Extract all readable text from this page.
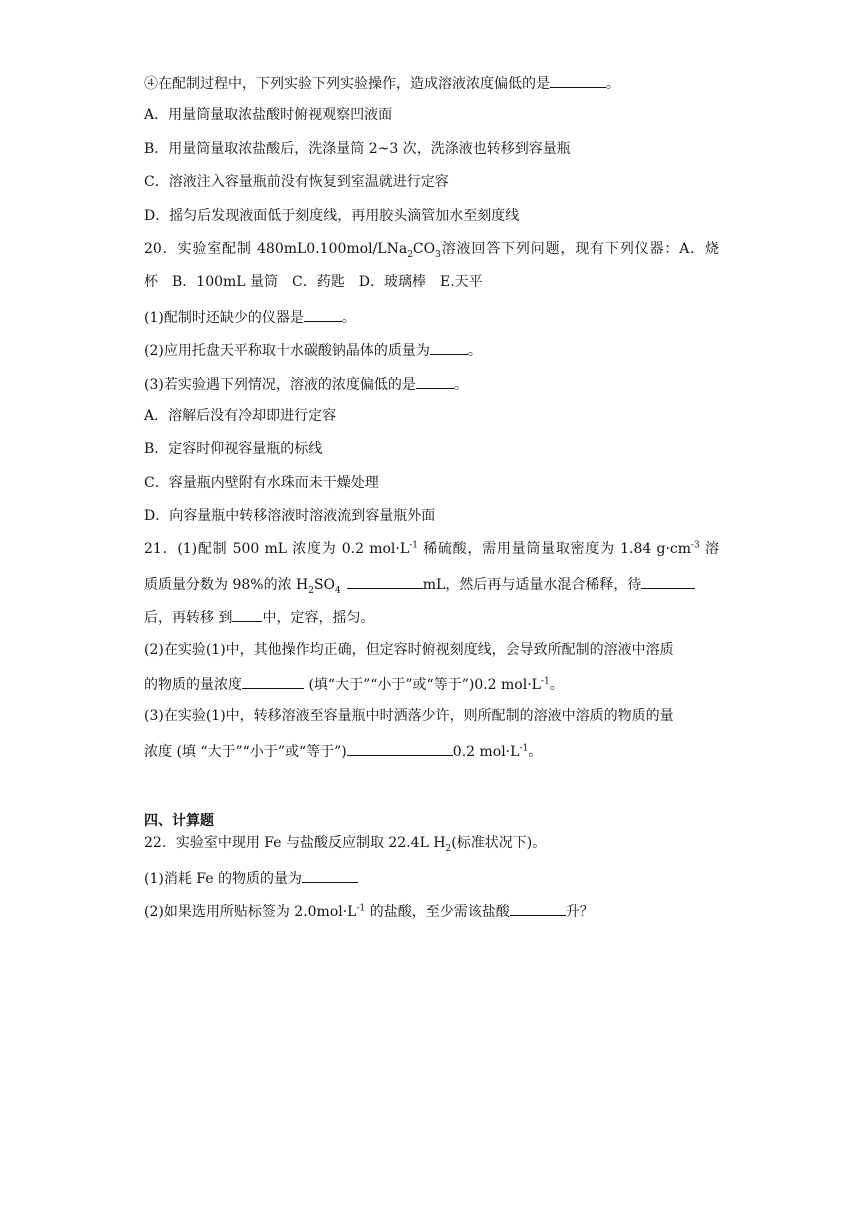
④在配制过程中，下列实验下列实验操作，造成溶液浓度偏低的是	。
A．用量筒量取浓盐酸时俯视观察凹液面
B．用量筒量取浓盐酸后，洗涤量筒 2~3 次，洗涤液也转移到容量瓶
C．溶液注入容量瓶前没有恢复到室温就进行定容
D．摇匀后发现液面低于刻度线，再用胶头滴管加水至刻度线
20．实验室配制 $480mL0.100mol/LNa_2CO_3$溶液回答下列问题，现有下列仪器：A．烧
杯　B．100mL 量筒　C．药匙　D．玻璃棒　E.天平
(1)配制时还缺少的仪器是	。
(2)应用托盘天平称取十水碳酸钠晶体的质量为	。
(3)若实验遇下列情况，溶液的浓度偏低的是	。
A．溶解后没有冷却即进行定容
B．定容时仰视容量瓶的标线
C．容量瓶内壁附有水珠而未干燥处理
D．向容量瓶中转移溶液时溶液流到容量瓶外面
21．(1)配制 500 mL 浓度为 0.2 $mol\cdot L^{-1}$ 稀硫酸，需用量筒量取密度为 1.84 $g\cdot cm^{-3}$ 溶
质质量分数为 98%的浓 $H_2SO_4$	mL，然后再与适量水混合稀释，待
后，再转移 到 中，定容，摇匀。
(2)在实验(1)中，其他操作均正确，但定容时俯视刻度线，会导致所配制的溶液中溶质
的物质的量浓度	(填“大于”“小于”或“等于”)0.2 $mol\cdot L^{-1}$。
(3)在实验(1)中，转移溶液至容量瓶中时洒落少许，则所配制的溶液中溶质的物质的量
浓度 (填 “大于”“小于”或“等于”)	0.2 $mol\cdot L^{-1}$。
四、计算题
22．实验室中现用 Fe 与盐酸反应制取 22.4L $H_2$(标准状况下)。
(1)消耗 Fe 的物质的量为
(2)如果选用所贴标签为 $2.0mol\cdot L^{-1}$ 的盐酸，至少需该盐酸	升？
